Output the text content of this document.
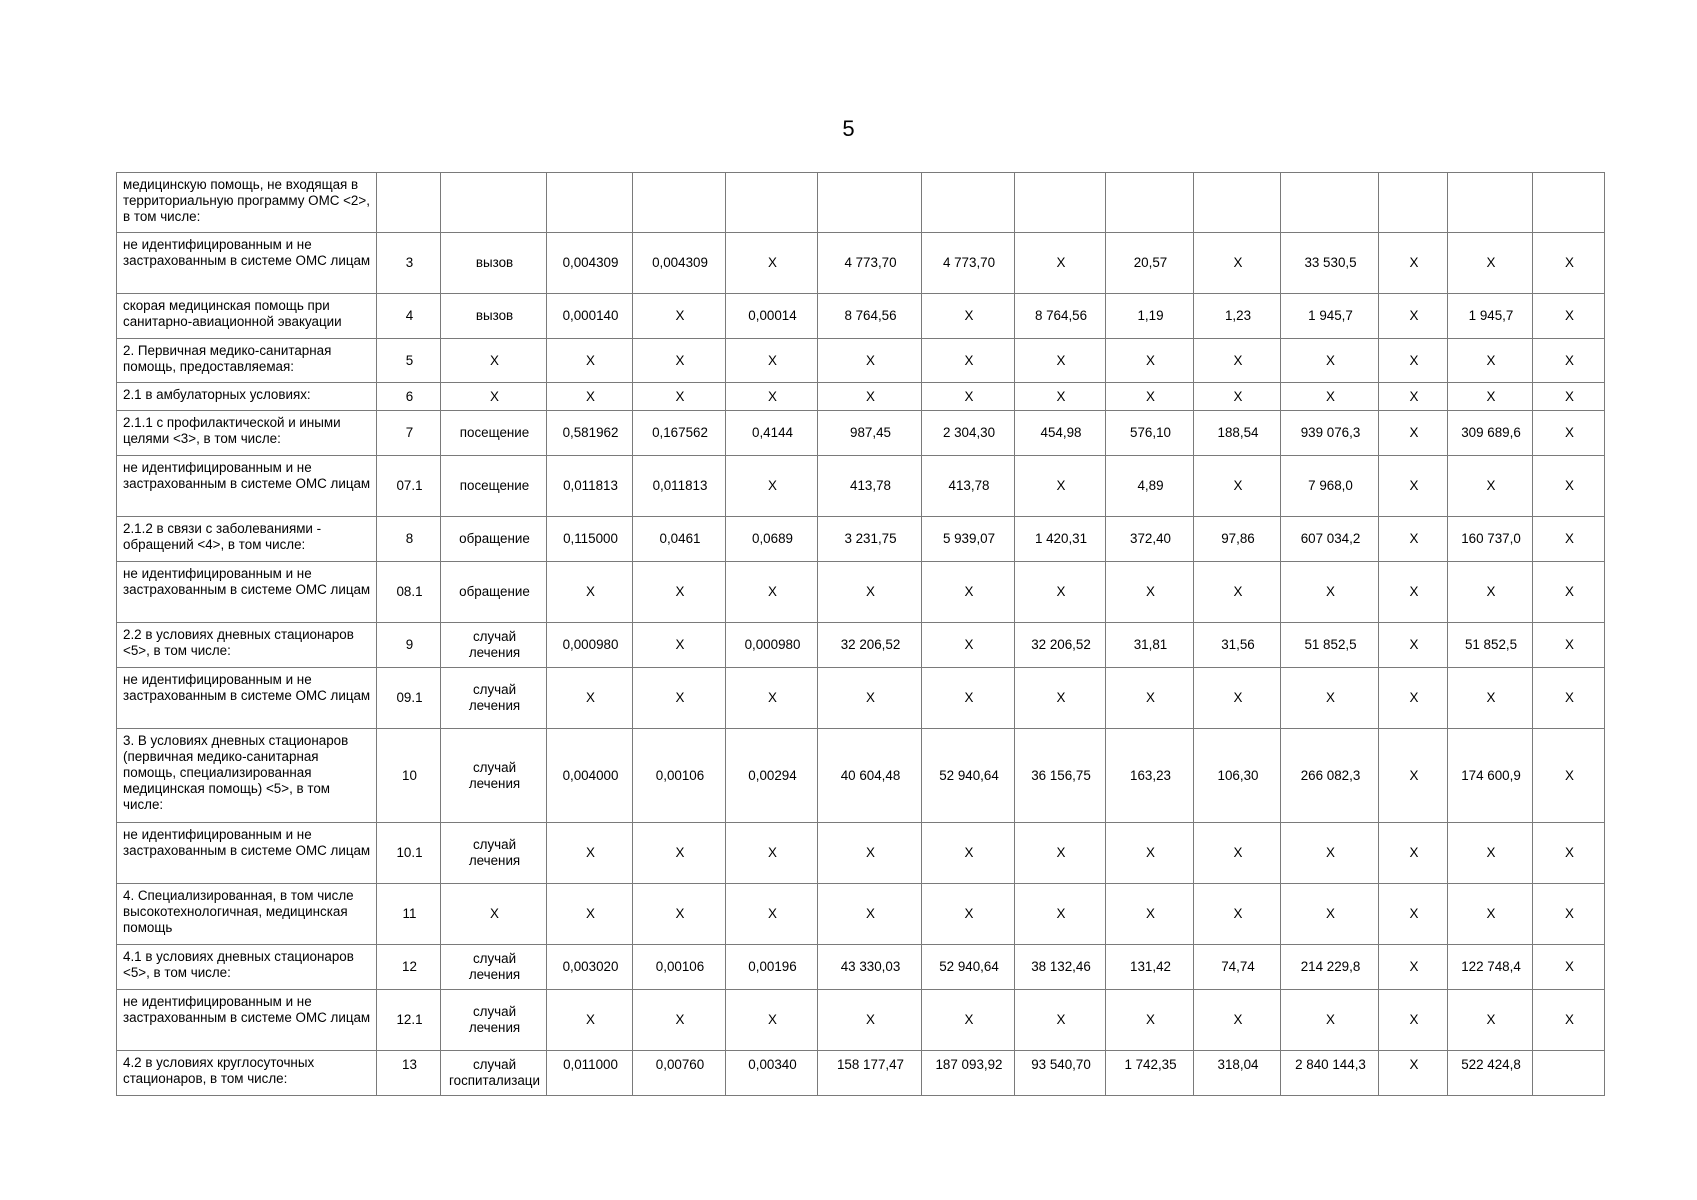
5
медицинскую помощь, не входящая в территориальную программу ОМС <2>, в том числе:														
не идентифицированным и не застрахованным в системе ОМС лицам	3	вызов	0,004309	0,004309	Х	4 773,70	4 773,70	Х	20,57	Х	33 530,5	Х	Х	Х
скорая медицинская помощь при санитарно-авиационной эвакуации	4	вызов	0,000140	Х	0,00014	8 764,56	Х	8 764,56	1,19	1,23	1 945,7	Х	1 945,7	Х
2. Первичная медико-санитарная помощь, предоставляемая:	5	Х	Х	Х	Х	Х	Х	Х	Х	Х	Х	Х	Х	Х
2.1 в амбулаторных условиях:	6	Х	Х	Х	Х	Х	Х	Х	Х	Х	Х	Х	Х	Х
2.1.1 с профилактической и иными целями <3>, в том числе:	7	посещение	0,581962	0,167562	0,4144	987,45	2 304,30	454,98	576,10	188,54	939 076,3	Х	309 689,6	Х
не идентифицированным и не застрахованным в системе ОМС лицам	07.1	посещение	0,011813	0,011813	Х	413,78	413,78	Х	4,89	Х	7 968,0	Х	Х	Х
2.1.2 в связи с заболеваниями - обращений <4>, в том числе:	8	обращение	0,115000	0,0461	0,0689	3 231,75	5 939,07	1 420,31	372,40	97,86	607 034,2	Х	160 737,0	Х
не идентифицированным и не застрахованным в системе ОМС лицам	08.1	обращение	Х	Х	Х	Х	Х	Х	Х	Х	Х	Х	Х	Х
2.2 в условиях дневных стационаров <5>, в том числе:	9	случай лечения	0,000980	Х	0,000980	32 206,52	Х	32 206,52	31,81	31,56	51 852,5	Х	51 852,5	Х
не идентифицированным и не застрахованным в системе ОМС лицам	09.1	случай лечения	Х	Х	Х	Х	Х	Х	Х	Х	Х	Х	Х	Х
3. В условиях дневных стационаров (первичная медико-санитарная помощь, специализированная медицинская помощь) <5>, в том числе:	10	случай лечения	0,004000	0,00106	0,00294	40 604,48	52 940,64	36 156,75	163,23	106,30	266 082,3	Х	174 600,9	Х
не идентифицированным и не застрахованным в системе ОМС лицам	10.1	случай лечения	Х	Х	Х	Х	Х	Х	Х	Х	Х	Х	Х	Х
4. Специализированная, в том числе высокотехнологичная, медицинская помощь	11	Х	Х	Х	Х	Х	Х	Х	Х	Х	Х	Х	Х	Х
4.1 в условиях дневных стационаров <5>, в том числе:	12	случай лечения	0,003020	0,00106	0,00196	43 330,03	52 940,64	38 132,46	131,42	74,74	214 229,8	Х	122 748,4	Х
не идентифицированным и не застрахованным в системе ОМС лицам	12.1	случай лечения	Х	Х	Х	Х	Х	Х	Х	Х	Х	Х	Х	Х
4.2 в условиях круглосуточных стационаров, в том числе:	13	случай госпитализаци	0,011000	0,00760	0,00340	158 177,47	187 093,92	93 540,70	1 742,35	318,04	2 840 144,3	Х	522 424,8	
